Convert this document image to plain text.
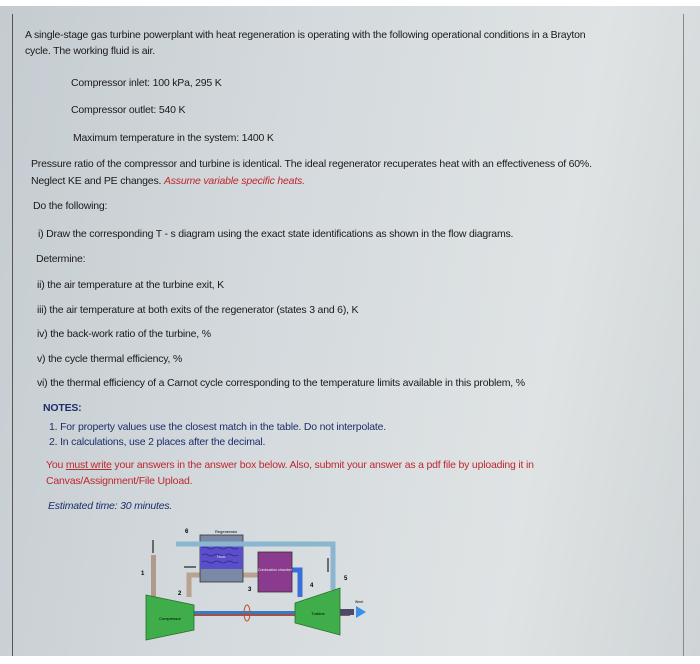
A single-stage gas turbine powerplant with heat regeneration is operating with the following operational conditions in a Brayton
cycle. The working fluid is air.
Compressor inlet: 100 kPa, 295 K
Compressor outlet: 540 K
Maximum temperature in the system: 1400 K
Pressure ratio of the compressor and turbine is identical. The ideal regenerator recuperates heat with an effectiveness of 60%.
Neglect KE and PE changes. Assume variable specific heats.
Do the following:
i) Draw the corresponding T - s diagram using the exact state identifications as shown in the flow diagrams.
Determine:
ii) the air temperature at the turbine exit, K
iii) the air temperature at both exits of the regenerator (states 3 and 6), K
iv) the back-work ratio of the turbine, %
v) the cycle thermal efficiency, %
vi) the thermal efficiency of a Carnot cycle corresponding to the temperature limits available in this problem, %
NOTES:
1. For property values use the closest match in the table. Do not interpolate.
2. In calculations, use 2 places after the decimal.
You must write your answers in the answer box below. Also, submit your answer as a pdf file by uploading it in
Canvas/Assignment/File Upload.
Estimated time: 30 minutes.
Regenerator
Heat
Combustion chamber
Compressor
Turbine
Wnet
1
2
3
4
5
6
